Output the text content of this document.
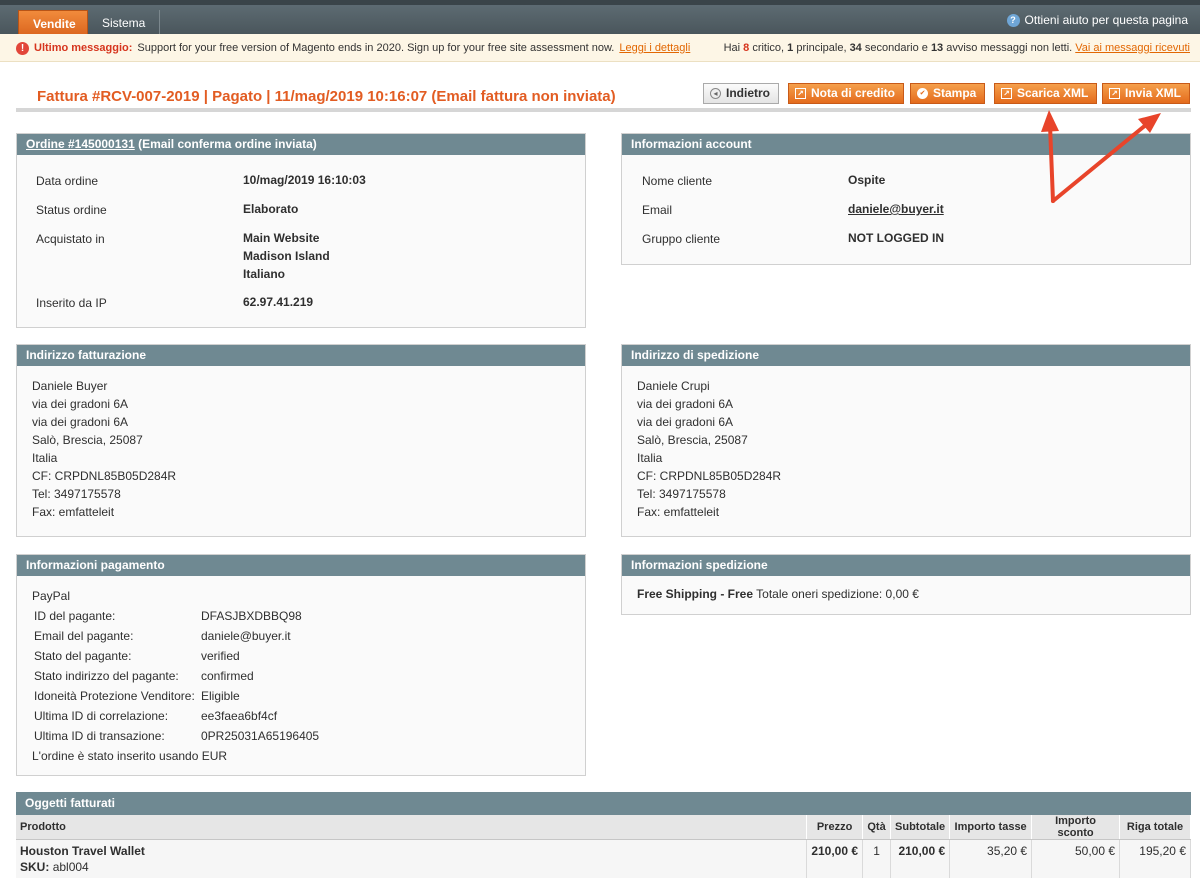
Vendite	Sistema	? Ottieni aiuto per questa pagina
! Ultimo messaggio: Support for your free version of Magento ends in 2020. Sign up for your free site assessment now. Leggi i dettagli	Hai 8 critico, 1 principale, 34 secondario e 13 avviso messaggi non letti. Vai ai messaggi ricevuti
Fattura #RCV-007-2019 | Pagato | 11/mag/2019 10:16:07 (Email fattura non inviata)	◂ Indietro	↗ Nota di credito	✔ Stampa	↗ Scarica XML	↗ Invia XML
Ordine #145000131 (Email conferma ordine inviata)
Data ordine	10/mag/2019 16:10:03
Status ordine	Elaborato
Acquistato in	Main Website
Madison Island
Italiano
Inserito da IP	62.97.41.219
Informazioni account
Nome cliente	Ospite
Email	daniele@buyer.it
Gruppo cliente	NOT LOGGED IN
Indirizzo fatturazione
Daniele Buyer
via dei gradoni 6A
via dei gradoni 6A
Salò, Brescia, 25087
Italia
CF: CRPDNL85B05D284R
Tel: 3497175578
Fax: emfatteleit
Indirizzo di spedizione
Daniele Crupi
via dei gradoni 6A
via dei gradoni 6A
Salò, Brescia, 25087
Italia
CF: CRPDNL85B05D284R
Tel: 3497175578
Fax: emfatteleit
Informazioni pagamento
PayPal
ID del pagante:	DFASJBXDBBQ98
Email del pagante:	daniele@buyer.it
Stato del pagante:	verified
Stato indirizzo del pagante:	confirmed
Idoneità Protezione Venditore: Eligible
Ultima ID di correlazione:	ee3faea6bf4cf
Ultima ID di transazione:	0PR25031A65196405
L'ordine è stato inserito usando EUR
Informazioni spedizione
Free Shipping - Free Totale oneri spedizione: 0,00 €
Oggetti fatturati
Prodotto	Prezzo	Qtà	Subtotale	Importo tasse	Importo sconto	Riga totale

Houston Travel Wallet
SKU: abl004	210,00 €	1	210,00 €	35,20 €	50,00 €	195,20 €
